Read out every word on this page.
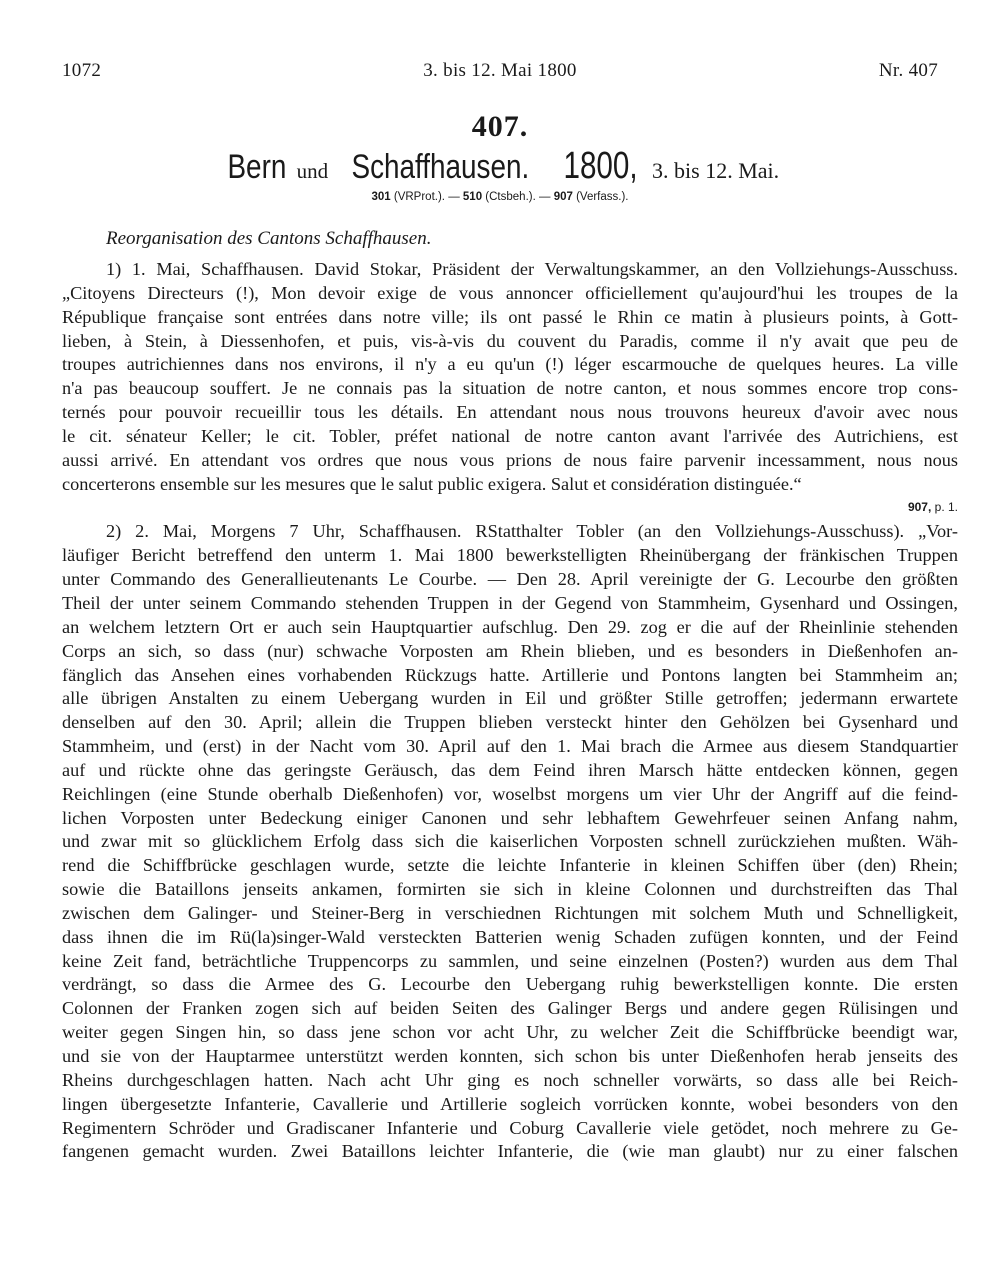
3. bis 12. Mai 1800
1072	Nr. 407
407.
Bern und Schaffhausen. 1800, 3. bis 12. Mai.
301 (VRProt.). — 510 (Ctsbeh.). — 907 (Verfass.).
Reorganisation des Cantons Schaffhausen.
1) 1. Mai, Schaffhausen. David Stokar, Präsident der Verwaltungskammer, an den Vollziehungs-Ausschuss.
„Citoyens Directeurs (!), Mon devoir exige de vous annoncer officiellement qu'aujourd'hui les troupes de la
République française sont entrées dans notre ville; ils ont passé le Rhin ce matin à plusieurs points, à Gott-
lieben, à Stein, à Diessenhofen, et puis, vis-à-vis du couvent du Paradis, comme il n'y avait que peu de
troupes autrichiennes dans nos environs, il n'y a eu qu'un (!) léger escarmouche de quelques heures. La ville
n'a pas beaucoup souffert. Je ne connais pas la situation de notre canton, et nous sommes encore trop cons-
ternés pour pouvoir recueillir tous les détails. En attendant nous nous trouvons heureux d'avoir avec nous
le cit. sénateur Keller; le cit. Tobler, préfet national de notre canton avant l'arrivée des Autrichiens, est
aussi arrivé. En attendant vos ordres que nous vous prions de nous faire parvenir incessamment, nous nous
concerterons ensemble sur les mesures que le salut public exigera. Salut et considération distinguée.“
907, p. 1.
2) 2. Mai, Morgens 7 Uhr, Schaffhausen. RStatthalter Tobler (an den Vollziehungs-Ausschuss). „Vor-
läufiger Bericht betreffend den unterm 1. Mai 1800 bewerkstelligten Rheinübergang der fränkischen Truppen
unter Commando des Generallieutenants Le Courbe. — Den 28. April vereinigte der G. Lecourbe den größten
Theil der unter seinem Commando stehenden Truppen in der Gegend von Stammheim, Gysenhard und Ossingen,
an welchem letztern Ort er auch sein Hauptquartier aufschlug. Den 29. zog er die auf der Rheinlinie stehenden
Corps an sich, so dass (nur) schwache Vorposten am Rhein blieben, und es besonders in Dießenhofen an-
fänglich das Ansehen eines vorhabenden Rückzugs hatte. Artillerie und Pontons langten bei Stammheim an;
alle übrigen Anstalten zu einem Uebergang wurden in Eil und größter Stille getroffen; jedermann erwartete
denselben auf den 30. April; allein die Truppen blieben versteckt hinter den Gehölzen bei Gysenhard und
Stammheim, und (erst) in der Nacht vom 30. April auf den 1. Mai brach die Armee aus diesem Standquartier
auf und rückte ohne das geringste Geräusch, das dem Feind ihren Marsch hätte entdecken können, gegen
Reichlingen (eine Stunde oberhalb Dießenhofen) vor, woselbst morgens um vier Uhr der Angriff auf die feind-
lichen Vorposten unter Bedeckung einiger Canonen und sehr lebhaftem Gewehrfeuer seinen Anfang nahm,
und zwar mit so glücklichem Erfolg dass sich die kaiserlichen Vorposten schnell zurückziehen mußten. Wäh-
rend die Schiffbrücke geschlagen wurde, setzte die leichte Infanterie in kleinen Schiffen über (den) Rhein;
sowie die Bataillons jenseits ankamen, formirten sie sich in kleine Colonnen und durchstreiften das Thal
zwischen dem Galinger- und Steiner-Berg in verschiednen Richtungen mit solchem Muth und Schnelligkeit,
dass ihnen die im Rü(la)singer-Wald versteckten Batterien wenig Schaden zufügen konnten, und der Feind
keine Zeit fand, beträchtliche Truppencorps zu sammlen, und seine einzelnen (Posten?) wurden aus dem Thal
verdrängt, so dass die Armee des G. Lecourbe den Uebergang ruhig bewerkstelligen konnte. Die ersten
Colonnen der Franken zogen sich auf beiden Seiten des Galinger Bergs und andere gegen Rülisingen und
weiter gegen Singen hin, so dass jene schon vor acht Uhr, zu welcher Zeit die Schiffbrücke beendigt war,
und sie von der Hauptarmee unterstützt werden konnten, sich schon bis unter Dießenhofen herab jenseits des
Rheins durchgeschlagen hatten. Nach acht Uhr ging es noch schneller vorwärts, so dass alle bei Reich-
lingen übergesetzte Infanterie, Cavallerie und Artillerie sogleich vorrücken konnte, wobei besonders von den
Regimentern Schröder und Gradiscaner Infanterie und Coburg Cavallerie viele getödet, noch mehrere zu Ge-
fangenen gemacht wurden. Zwei Bataillons leichter Infanterie, die (wie man glaubt) nur zu einer falschen
